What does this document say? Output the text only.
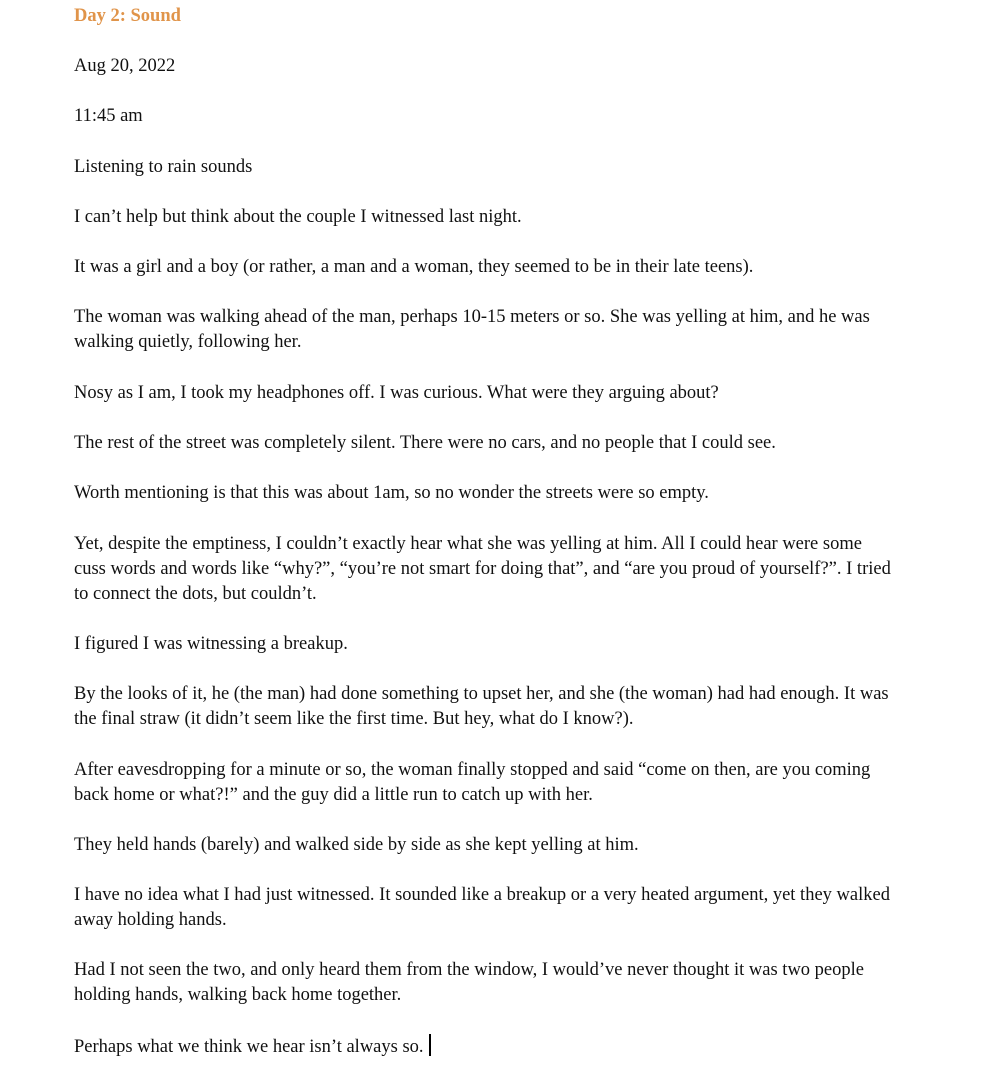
Day 2: Sound

Aug 20, 2022

11:45 am

Listening to rain sounds

I can’t help but think about the couple I witnessed last night.

It was a girl and a boy (or rather, a man and a woman, they seemed to be in their late teens).

The woman was walking ahead of the man, perhaps 10-15 meters or so. She was yelling at him, and he was walking quietly, following her.

Nosy as I am, I took my headphones off. I was curious. What were they arguing about?

The rest of the street was completely silent. There were no cars, and no people that I could see.

Worth mentioning is that this was about 1am, so no wonder the streets were so empty.

Yet, despite the emptiness, I couldn’t exactly hear what she was yelling at him. All I could hear were some cuss words and words like “why?”, “you’re not smart for doing that”, and “are you proud of yourself?”. I tried to connect the dots, but couldn’t.

I figured I was witnessing a breakup.

By the looks of it, he (the man) had done something to upset her, and she (the woman) had had enough. It was the final straw (it didn’t seem like the first time. But hey, what do I know?).

After eavesdropping for a minute or so, the woman finally stopped and said “come on then, are you coming back home or what?!” and the guy did a little run to catch up with her.

They held hands (barely) and walked side by side as she kept yelling at him.

I have no idea what I had just witnessed. It sounded like a breakup or a very heated argument, yet they walked away holding hands.

Had I not seen the two, and only heard them from the window, I would’ve never thought it was two people holding hands, walking back home together.

Perhaps what we think we hear isn’t always so.
